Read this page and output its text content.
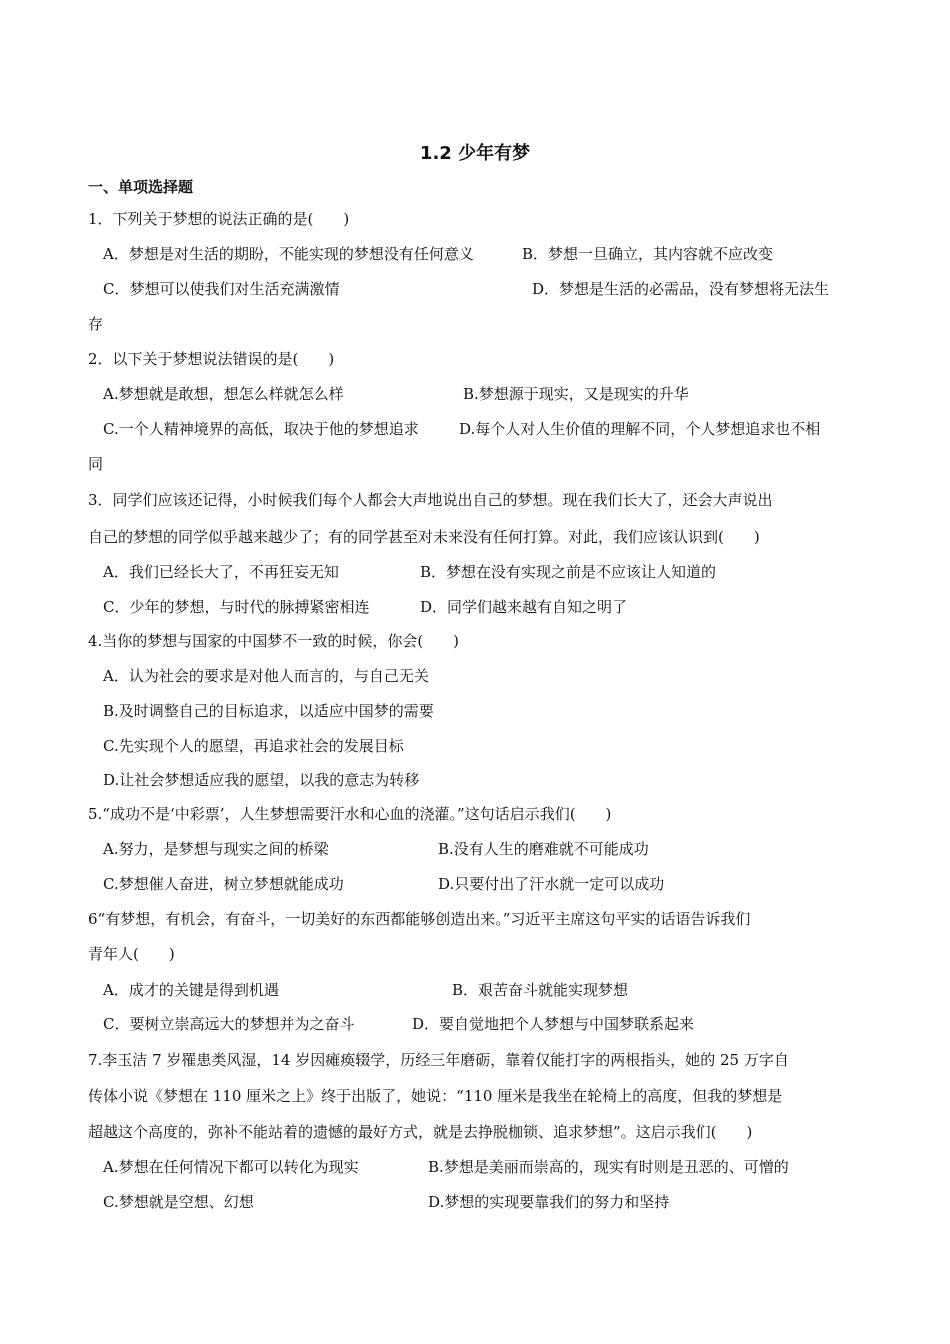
1.2 少年有梦
一、单项选择题
1．下列关于梦想的说法正确的是(　　)
A．梦想是对生活的期盼，不能实现的梦想没有任何意义	B．梦想一旦确立，其内容就不应改变
C．梦想可以使我们对生活充满激情	D．梦想是生活的必需品，没有梦想将无法生
存
2．以下关于梦想说法错误的是(　　)
A.梦想就是敢想，想怎么样就怎么样	B.梦想源于现实，又是现实的升华
C.一个人精神境界的高低，取决于他的梦想追求	D.每个人对人生价值的理解不同，个人梦想追求也不相
同
3．同学们应该还记得，小时候我们每个人都会大声地说出自己的梦想。现在我们长大了，还会大声说出
自己的梦想的同学似乎越来越少了；有的同学甚至对未来没有任何打算。对此，我们应该认识到(　　)
A．我们已经长大了，不再狂妄无知	B．梦想在没有实现之前是不应该让人知道的
C．少年的梦想，与时代的脉搏紧密相连	D．同学们越来越有自知之明了
4.当你的梦想与国家的中国梦不一致的时候，你会(　　)
A．认为社会的要求是对他人而言的，与自己无关
B.及时调整自己的目标追求，以适应中国梦的需要
C.先实现个人的愿望，再追求社会的发展目标
D.让社会梦想适应我的愿望，以我的意志为转移
5.“成功不是‘中彩票’，人生梦想需要汗水和心血的浇灌。”这句话启示我们(　　)
A.努力，是梦想与现实之间的桥梁	B.没有人生的磨难就不可能成功
C.梦想催人奋进，树立梦想就能成功	D.只要付出了汗水就一定可以成功
6“有梦想，有机会，有奋斗，一切美好的东西都能够创造出来。”习近平主席这句平实的话语告诉我们
青年人(　　)
A．成才的关键是得到机遇	B．艰苦奋斗就能实现梦想
C．要树立崇高远大的梦想并为之奋斗	D．要自觉地把个人梦想与中国梦联系起来
7.李玉洁 7 岁罹患类风湿，14 岁因瘫痪辍学，历经三年磨砺，靠着仅能打字的两根指头，她的 25 万字自
传体小说《梦想在 110 厘米之上》终于出版了，她说：“110 厘米是我坐在轮椅上的高度，但我的梦想是
超越这个高度的，弥补不能站着的遗憾的最好方式，就是去挣脱枷锁、追求梦想”。这启示我们(　　)
A.梦想在任何情况下都可以转化为现实	B.梦想是美丽而崇高的，现实有时则是丑恶的、可憎的
C.梦想就是空想、幻想	D.梦想的实现要靠我们的努力和坚持
